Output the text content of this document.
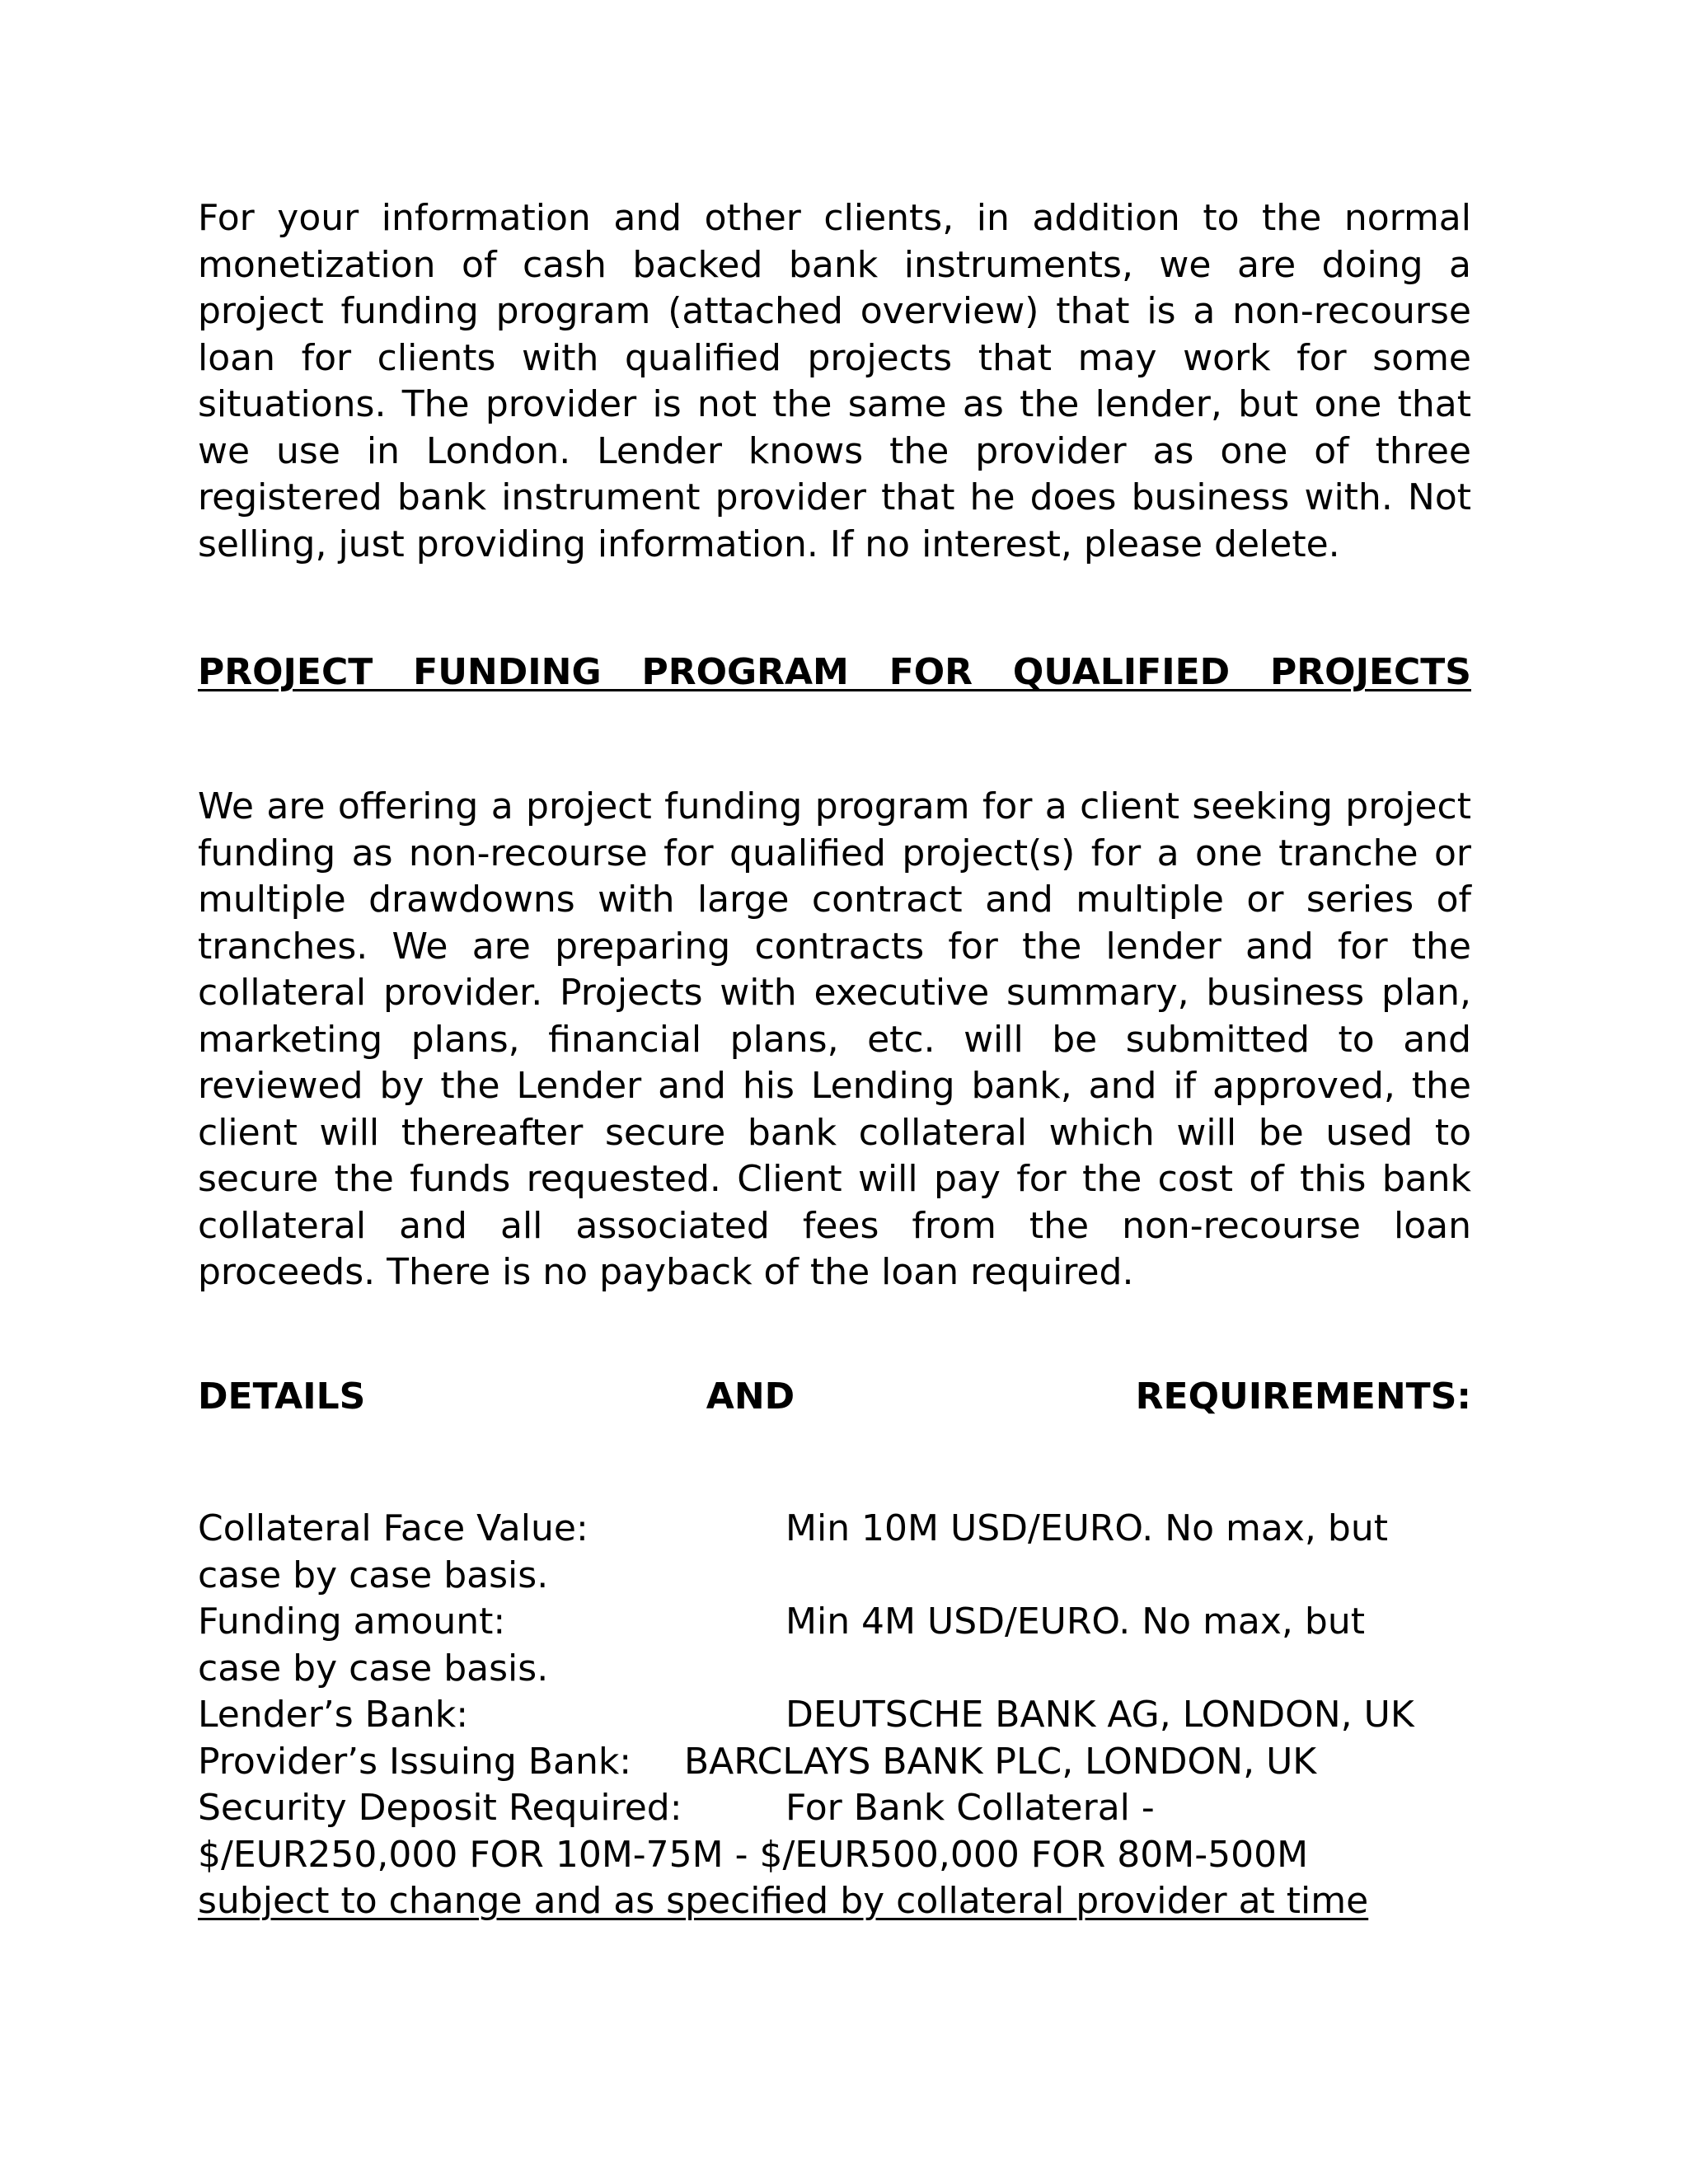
For your information and other clients, in addition to the normal monetization of cash backed bank instruments, we are doing a project funding program (attached overview) that is a non-recourse loan for clients with qualified projects that may work for some situations. The provider is not the same as the lender, but one that we use in London. Lender knows the provider as one of three registered bank instrument provider that he does business with. Not selling, just providing information. If no interest, please delete.
PROJECT FUNDING PROGRAM FOR QUALIFIED PROJECTS
We are offering a project funding program for a client seeking project funding as non-recourse for qualified project(s) for a one tranche or multiple drawdowns with large contract and multiple or series of tranches. We are preparing contracts for the lender and for the collateral provider. Projects with executive summary, business plan, marketing plans, financial plans, etc. will be submitted to and reviewed by the Lender and his Lending bank, and if approved, the client will thereafter secure bank collateral which will be used to secure the funds requested. Client will pay for the cost of this bank collateral and all associated fees from the non-recourse loan proceeds. There is no payback of the loan required.
DETAILS	AND	REQUIREMENTS:
Collateral Face Value:	Min 10M USD/EURO. No max, but
case by case basis.
Funding amount:	Min 4M USD/EURO. No max, but
case by case basis.
Lender’s Bank:	DEUTSCHE BANK AG, LONDON, UK
Provider’s Issuing Bank: BARCLAYS BANK PLC, LONDON, UK
Security Deposit Required:	For Bank Collateral -
$/EUR250,000 FOR 10M-75M - $/EUR500,000 FOR 80M-500M
subject to change and as specified by collateral provider at time
